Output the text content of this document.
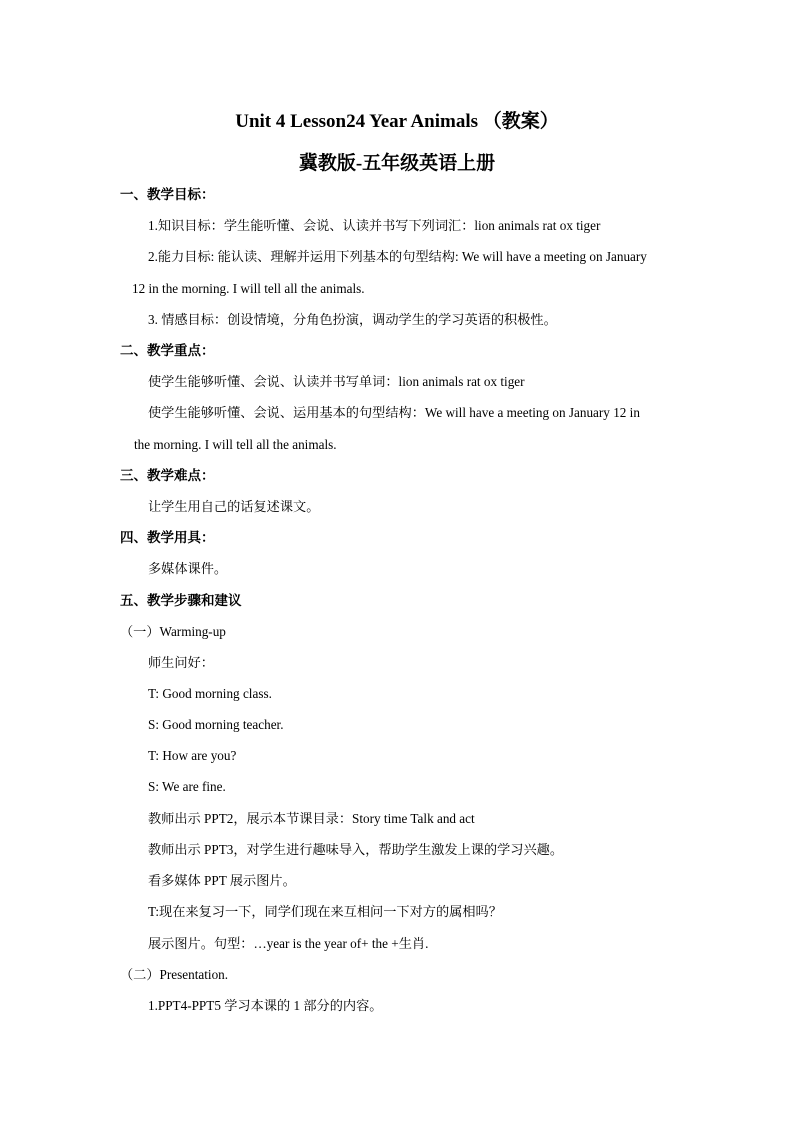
Unit 4 Lesson24 Year Animals （教案）
冀教版-五年级英语上册
一、教学目标：
1.知识目标：学生能听懂、会说、认读并书写下列词汇：lion animals rat ox tiger
2.能力目标: 能认读、理解并运用下列基本的句型结构: We will have a meeting on January
12 in the morning. I will tell all the animals.
3. 情感目标：创设情境，分角色扮演，调动学生的学习英语的积极性。
二、教学重点：
使学生能够听懂、会说、认读并书写单词：lion animals rat ox tiger
使学生能够听懂、会说、运用基本的句型结构：We will have a meeting on January 12 in
the morning. I will tell all the animals.
三、教学难点：
让学生用自己的话复述课文。
四、教学用具：
多媒体课件。
五、教学步骤和建议
（一）Warming-up
师生问好：
T: Good morning class.
S: Good morning teacher.
T: How are you?
S: We are fine.
教师出示 PPT2，展示本节课目录：Story time Talk and act
教师出示 PPT3，对学生进行趣味导入，帮助学生激发上课的学习兴趣。
看多媒体 PPT 展示图片。
T:现在来复习一下，同学们现在来互相问一下对方的属相吗？
展示图片。句型：…year is the year of+ the +生肖.
（二）Presentation.
1.PPT4-PPT5 学习本课的 1 部分的内容。
